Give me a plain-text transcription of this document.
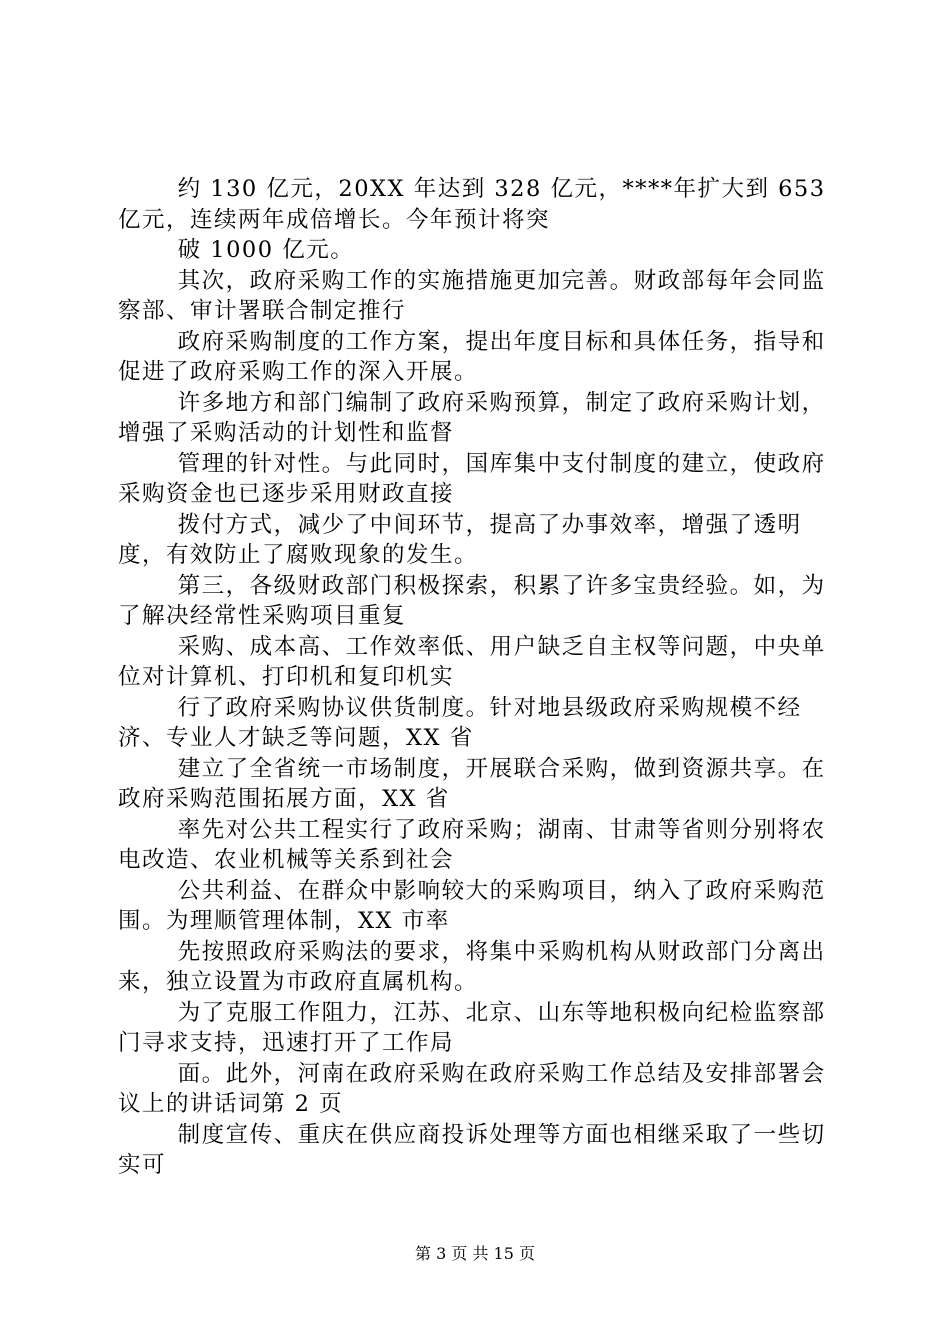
约 130 亿元，20XX 年达到 328 亿元，****年扩大到 653 亿元，连续两年成倍增长。今年预计将突

破 1000 亿元。

其次，政府采购工作的实施措施更加完善。财政部每年会同监察部、审计署联合制定推行

政府采购制度的工作方案，提出年度目标和具体任务，指导和促进了政府采购工作的深入开展。

许多地方和部门编制了政府采购预算，制定了政府采购计划，增强了采购活动的计划性和监督

管理的针对性。与此同时，国库集中支付制度的建立，使政府采购资金也已逐步采用财政直接

拨付方式，减少了中间环节，提高了办事效率，增强了透明度，有效防止了腐败现象的发生。

第三，各级财政部门积极探索，积累了许多宝贵经验。如，为了解决经常性采购项目重复

采购、成本高、工作效率低、用户缺乏自主权等问题，中央单位对计算机、打印机和复印机实

行了政府采购协议供货制度。针对地县级政府采购规模不经济、专业人才缺乏等问题，XX 省

建立了全省统一市场制度，开展联合采购，做到资源共享。在政府采购范围拓展方面，XX 省

率先对公共工程实行了政府采购；湖南、甘肃等省则分别将农电改造、农业机械等关系到社会

公共利益、在群众中影响较大的采购项目，纳入了政府采购范围。为理顺管理体制，XX 市率

先按照政府采购法的要求，将集中采购机构从财政部门分离出来，独立设置为市政府直属机构。

为了克服工作阻力，江苏、北京、山东等地积极向纪检监察部门寻求支持，迅速打开了工作局

面。此外，河南在政府采购在政府采购工作总结及安排部署会议上的讲话词第 2 页

制度宣传、重庆在供应商投诉处理等方面也相继采取了一些切实可

第 3 页 共 15 页
